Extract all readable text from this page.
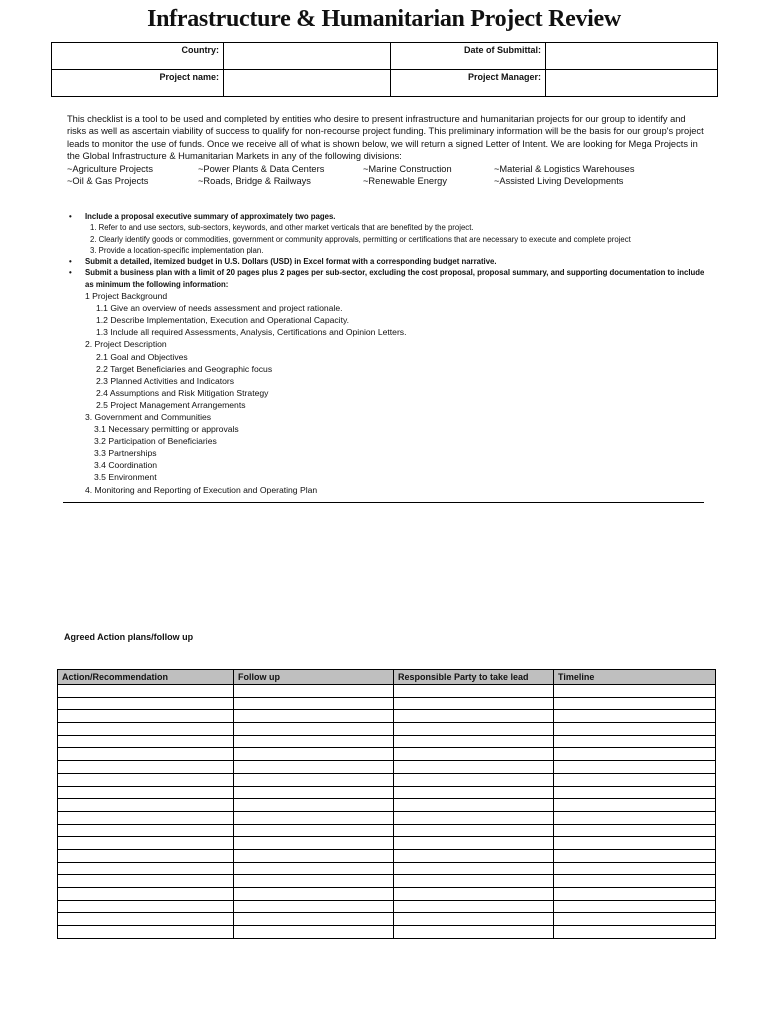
Infrastructure & Humanitarian Project Review
Country:		Date of Submittal:	
Project name:		Project Manager:	

This checklist is a tool to be used and completed by entities who desire to present infrastructure and humanitarian projects for our group to identify and risks as well as ascertain viability of success to qualify for non-recourse project funding. This preliminary information will be the basis for our group's project leads to monitor the use of funds. Once we receive all of what is shown below, we will return a signed Letter of Intent. We are looking for Mega Projects in the Global Infrastructure & Humanitarian Markets in any of the following divisions:

~Agriculture Projects	~Power Plants & Data Centers	~Marine Construction	~Material & Logistics Warehouses
~Oil & Gas Projects	~Roads, Bridge & Railways	~Renewable Energy	~Assisted Living Developments
• Include a proposal executive summary of approximately two pages.
1. Refer to and use sectors, sub-sectors, keywords, and other market verticals that are benefited by the project.
2. Clearly identify goods or commodities, government or community approvals, permitting or certifications that are necessary to execute and complete project
3. Provide a location-specific implementation plan.
• Submit a detailed, itemized budget in U.S. Dollars (USD) in Excel format with a corresponding budget narrative.
• Submit a business plan with a limit of 20 pages plus 2 pages per sub-sector, excluding the cost proposal, proposal summary, and supporting documentation to include as minimum the following information:
1 Project Background
1.1 Give an overview of needs assessment and project rationale.
1.2 Describe Implementation, Execution and Operational Capacity.
1.3 Include all required Assessments, Analysis, Certifications and Opinion Letters.
2. Project Description
2.1 Goal and Objectives
2.2 Target Beneficiaries and Geographic focus
2.3 Planned Activities and Indicators
2.4 Assumptions and Risk Mitigation Strategy
2.5 Project Management Arrangements
3. Government and Communities
3.1 Necessary permitting or approvals
3.2 Participation of Beneficiaries
3.3 Partnerships
3.4 Coordination
3.5 Environment
4. Monitoring and Reporting of Execution and Operating Plan
Agreed Action plans/follow up
Action/Recommendation	Follow up	Responsible Party to take lead	Timeline
